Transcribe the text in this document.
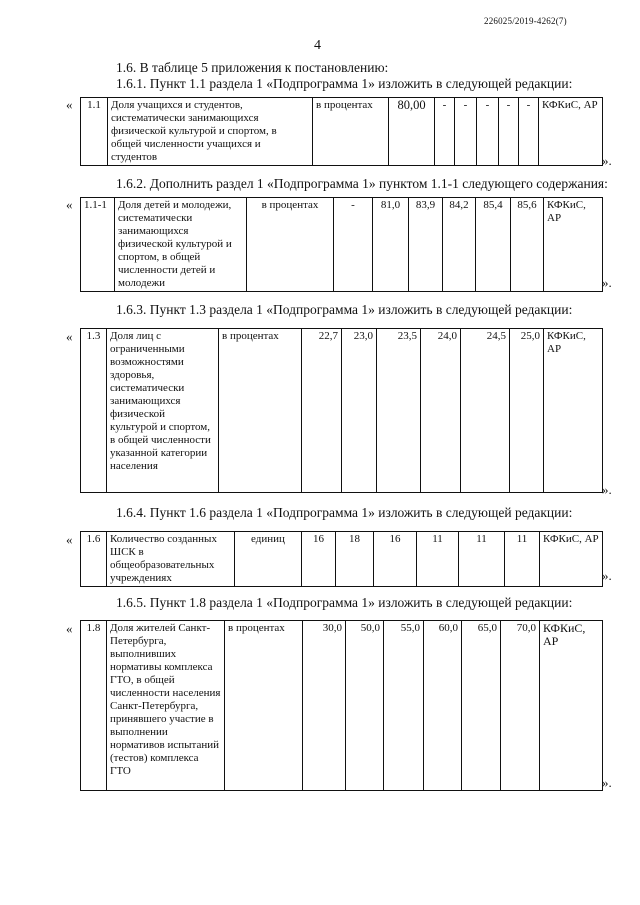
226025/2019-4262(7)
4
1.6. В таблице 5 приложения к постановлению:
1.6.1. Пункт 1.1 раздела 1 «Подпрограмма 1» изложить в следующей редакции:
« 1.1	Доля учащихся и студентов, систематически занимающихся физической культурой и спортом, в общей численности учащихся и студентов	в процентах	80,00	-	-	-	-	-	КФКиС, АР
».
1.6.2. Дополнить раздел 1 «Подпрограмма 1» пунктом 1.1-1 следующего содержания:
« 1.1-1	Доля детей и молодежи, систематически занимающихся физической культурой и спортом, в общей численности детей и молодежи	в процентах	-	81,0	83,9	84,2	85,4	85,6	КФКиС, АР
».
1.6.3. Пункт 1.3 раздела 1 «Подпрограмма 1» изложить в следующей редакции:
« 1.3	Доля лиц с ограниченными возможностями здоровья, систематически занимающихся физической культурой и спортом, в общей численности указанной категории населения	в процентах	22,7	23,0	23,5	24,0	24,5	25,0	КФКиС, АР
».
1.6.4. Пункт 1.6 раздела 1 «Подпрограмма 1» изложить в следующей редакции:
« 1.6	Количество созданных ШСК в общеобразовательных учреждениях	единиц	16	18	16	11	11	11	КФКиС, АР
».
1.6.5. Пункт 1.8 раздела 1 «Подпрограмма 1» изложить в следующей редакции:
« 1.8	Доля жителей Санкт-Петербурга, выполнивших нормативы комплекса ГТО, в общей численности населения Санкт-Петербурга, принявшего участие в выполнении нормативов испытаний (тестов) комплекса ГТО	в процентах	30,0	50,0	55,0	60,0	65,0	70,0	КФКиС, АР
».
